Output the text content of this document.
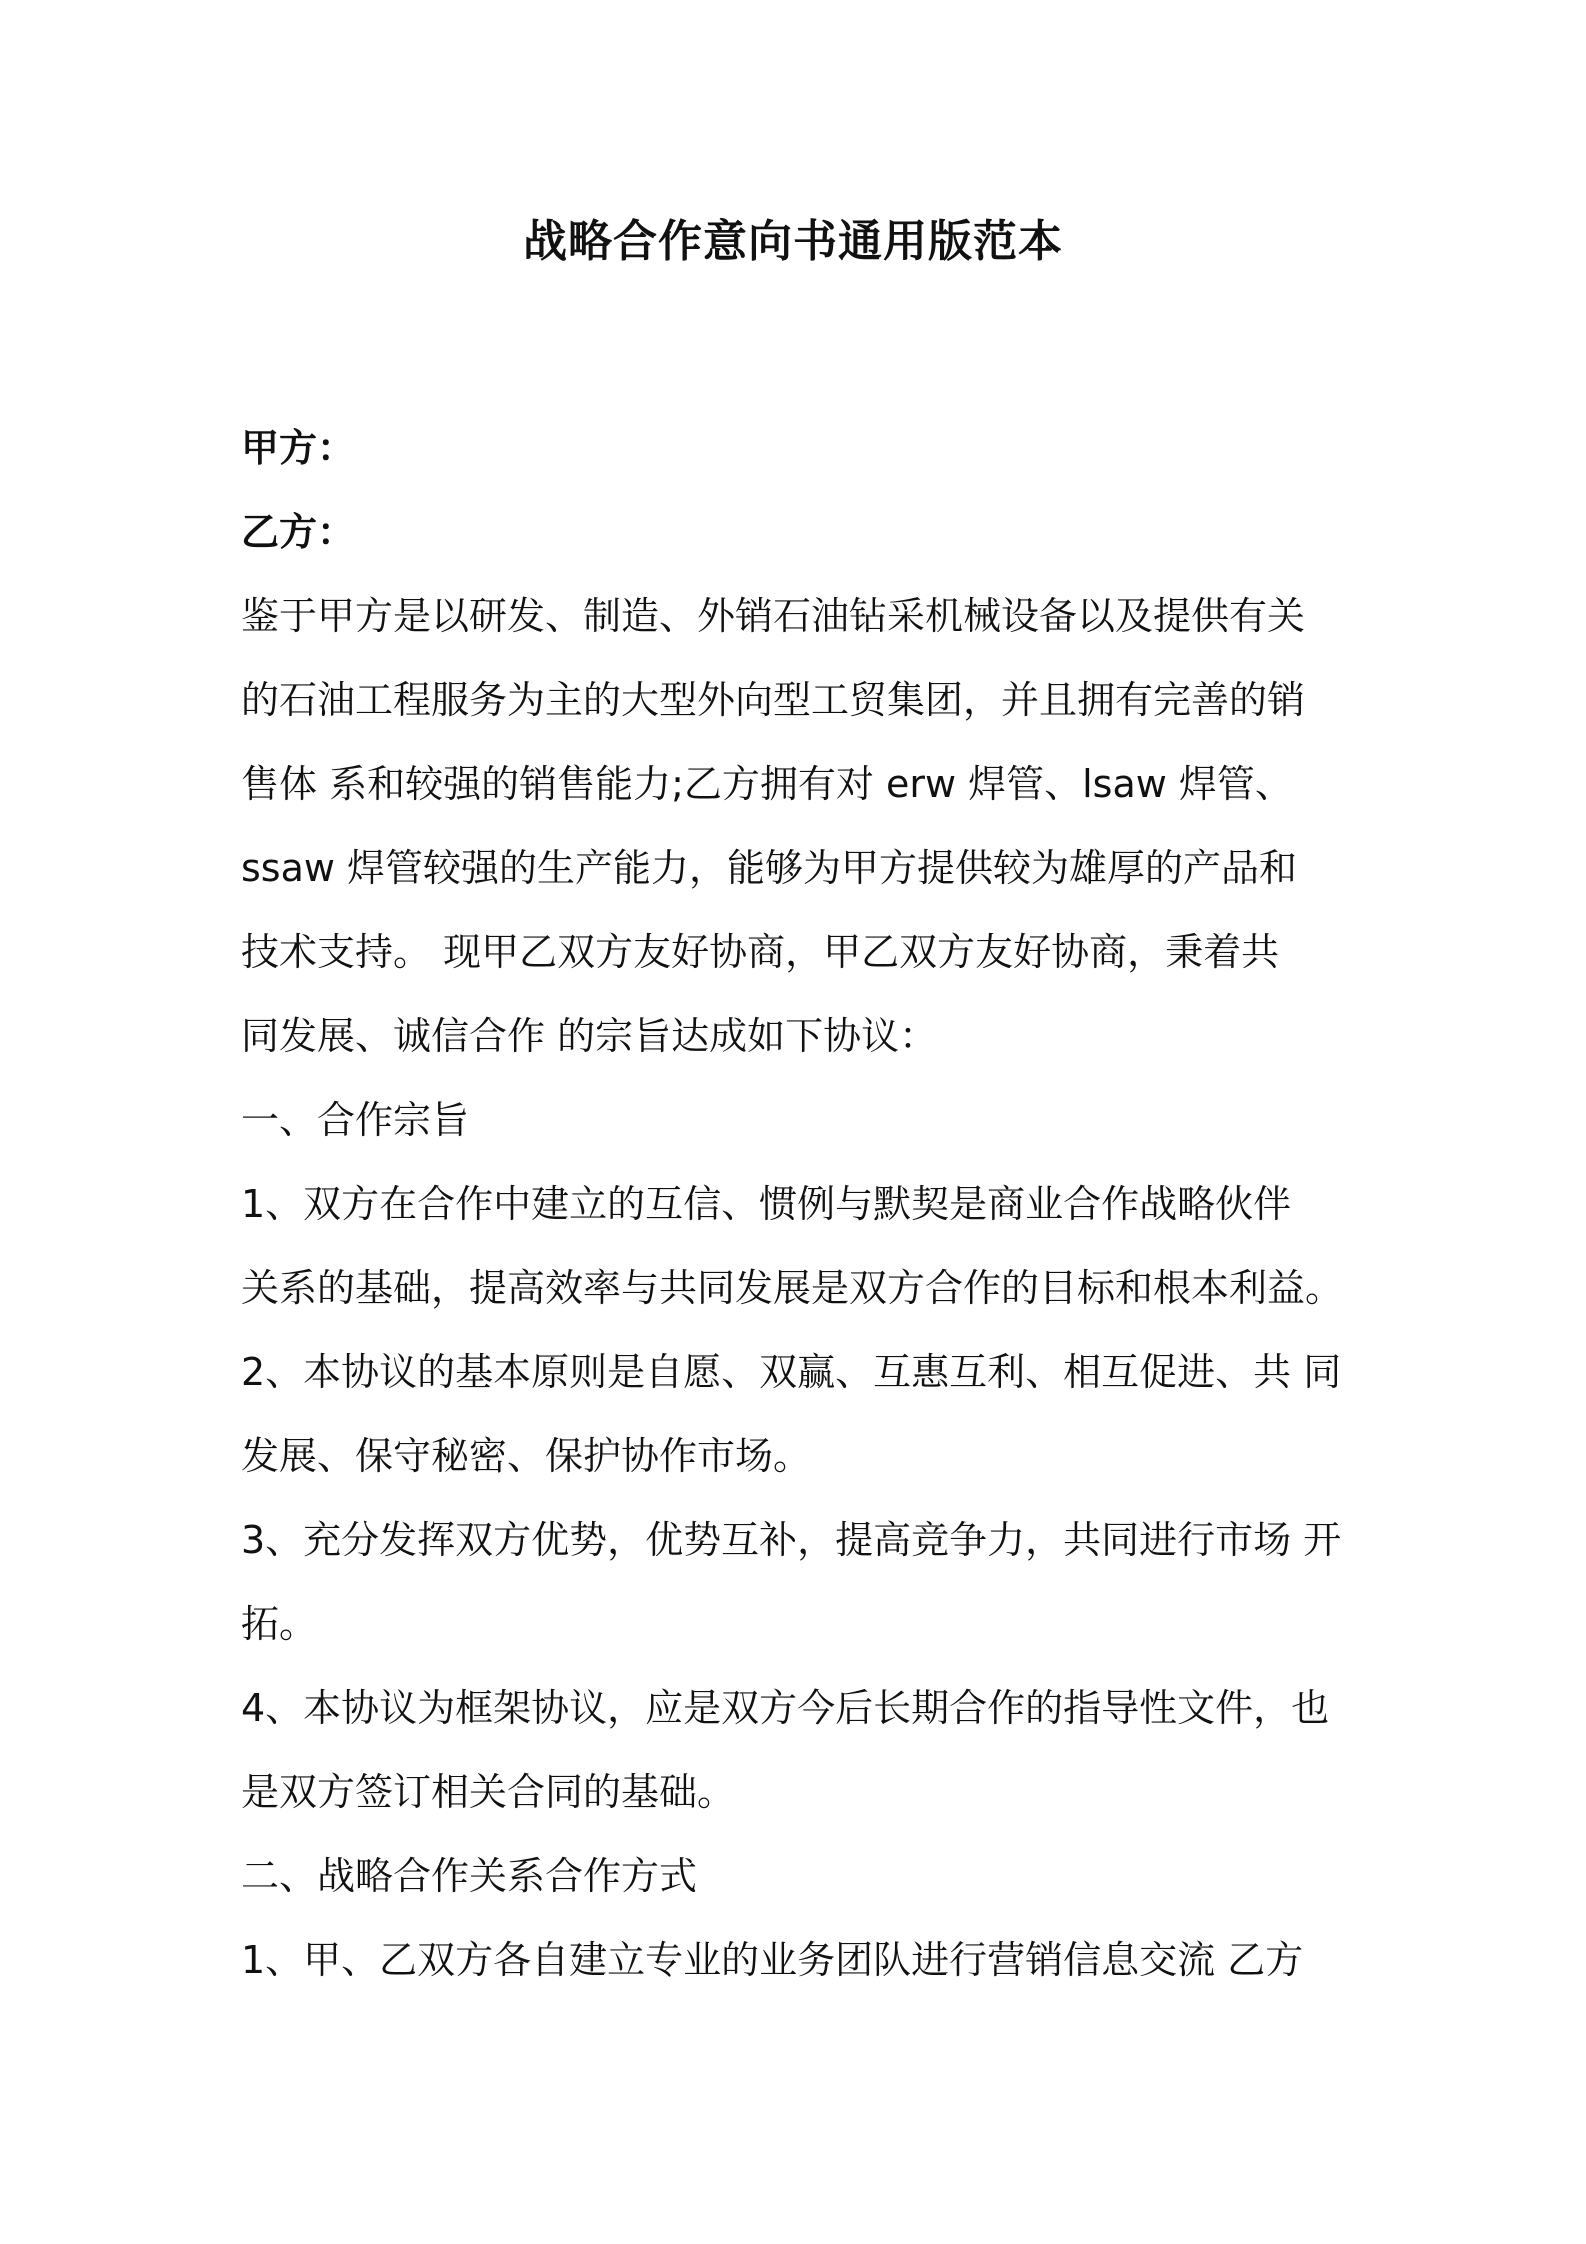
战略合作意向书通用版范本
甲方：
乙方：
鉴于甲方是以研发、制造、外销石油钻采机械设备以及提供有关
的石油工程服务为主的大型外向型工贸集团，并且拥有完善的销
售体 系和较强的销售能力;乙方拥有对 erw 焊管、lsaw 焊管、
ssaw 焊管较强的生产能力，能够为甲方提供较为雄厚的产品和
技术支持。 现甲乙双方友好协商，甲乙双方友好协商，秉着共
同发展、诚信合作 的宗旨达成如下协议：
一、合作宗旨
1、双方在合作中建立的互信、惯例与默契是商业合作战略伙伴
关系的基础，提高效率与共同发展是双方合作的目标和根本利益。
2、本协议的基本原则是自愿、双赢、互惠互利、相互促进、共 同
发展、保守秘密、保护协作市场。
3、充分发挥双方优势，优势互补，提高竞争力，共同进行市场 开
拓。
4、本协议为框架协议，应是双方今后长期合作的指导性文件，也
是双方签订相关合同的基础。
二、战略合作关系合作方式
1、甲、乙双方各自建立专业的业务团队进行营销信息交流 乙方
